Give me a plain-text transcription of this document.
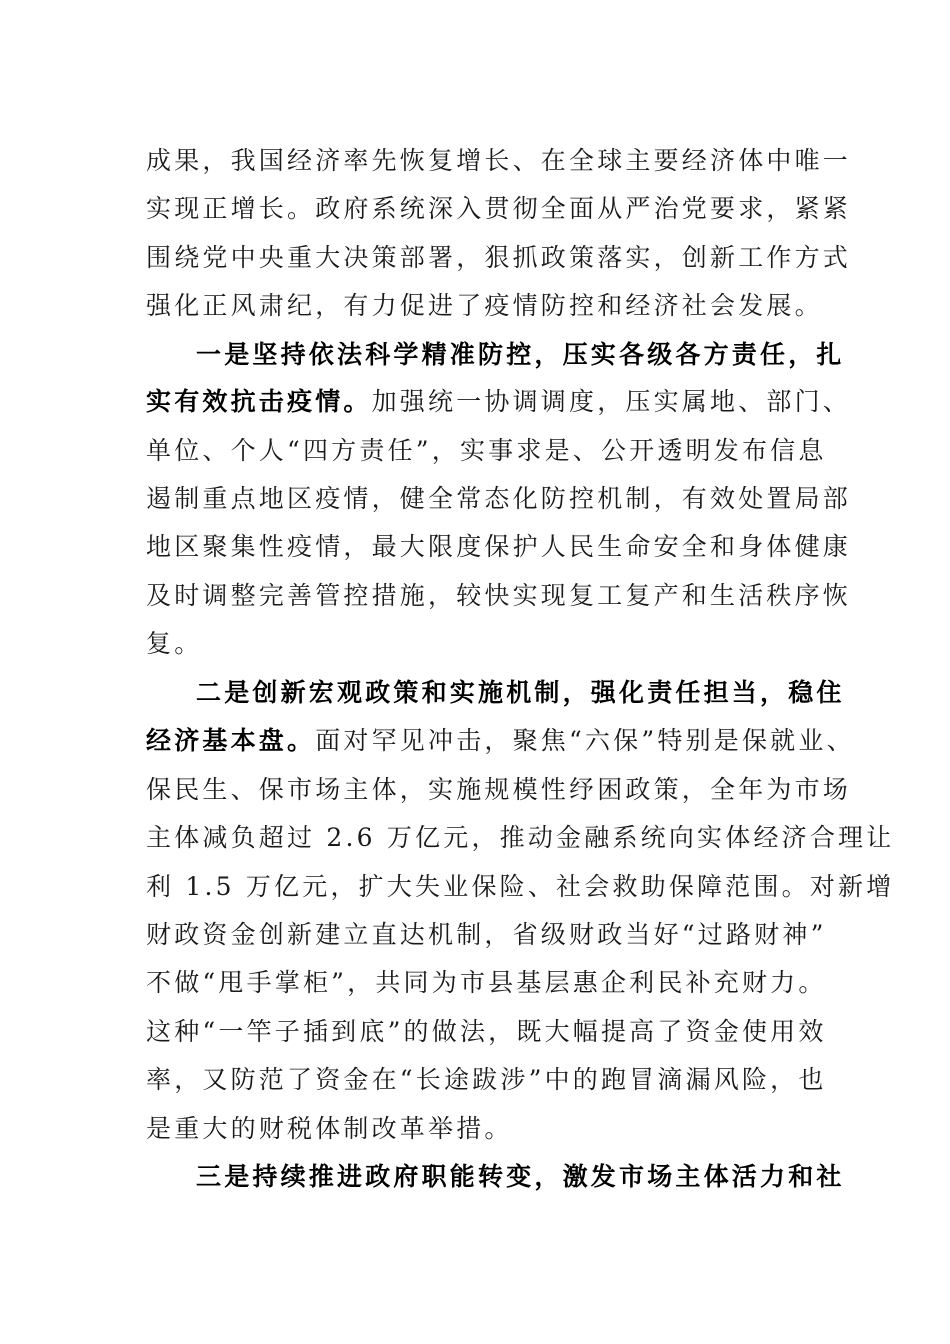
成果，我国经济率先恢复增长、在全球主要经济体中唯一
实现正增长。政府系统深入贯彻全面从严治党要求，紧紧
围绕党中央重大决策部署，狠抓政策落实，创新工作方式
强化正风肃纪，有力促进了疫情防控和经济社会发展。
一是坚持依法科学精准防控，压实各级各方责任，扎
实有效抗击疫情。加强统一协调调度，压实属地、部门、
单位、个人“四方责任”，实事求是、公开透明发布信息
遏制重点地区疫情，健全常态化防控机制，有效处置局部
地区聚集性疫情，最大限度保护人民生命安全和身体健康
及时调整完善管控措施，较快实现复工复产和生活秩序恢
复。
二是创新宏观政策和实施机制，强化责任担当，稳住
经济基本盘。面对罕见冲击，聚焦“六保”特别是保就业、
保民生、保市场主体，实施规模性纾困政策，全年为市场
主体减负超过 2.6 万亿元，推动金融系统向实体经济合理让
利 1.5 万亿元，扩大失业保险、社会救助保障范围。对新增
财政资金创新建立直达机制，省级财政当好“过路财神”
不做“甩手掌柜”，共同为市县基层惠企利民补充财力。
这种“一竿子插到底”的做法，既大幅提高了资金使用效
率，又防范了资金在“长途跋涉”中的跑冒滴漏风险，也
是重大的财税体制改革举措。
三是持续推进政府职能转变，激发市场主体活力和社
